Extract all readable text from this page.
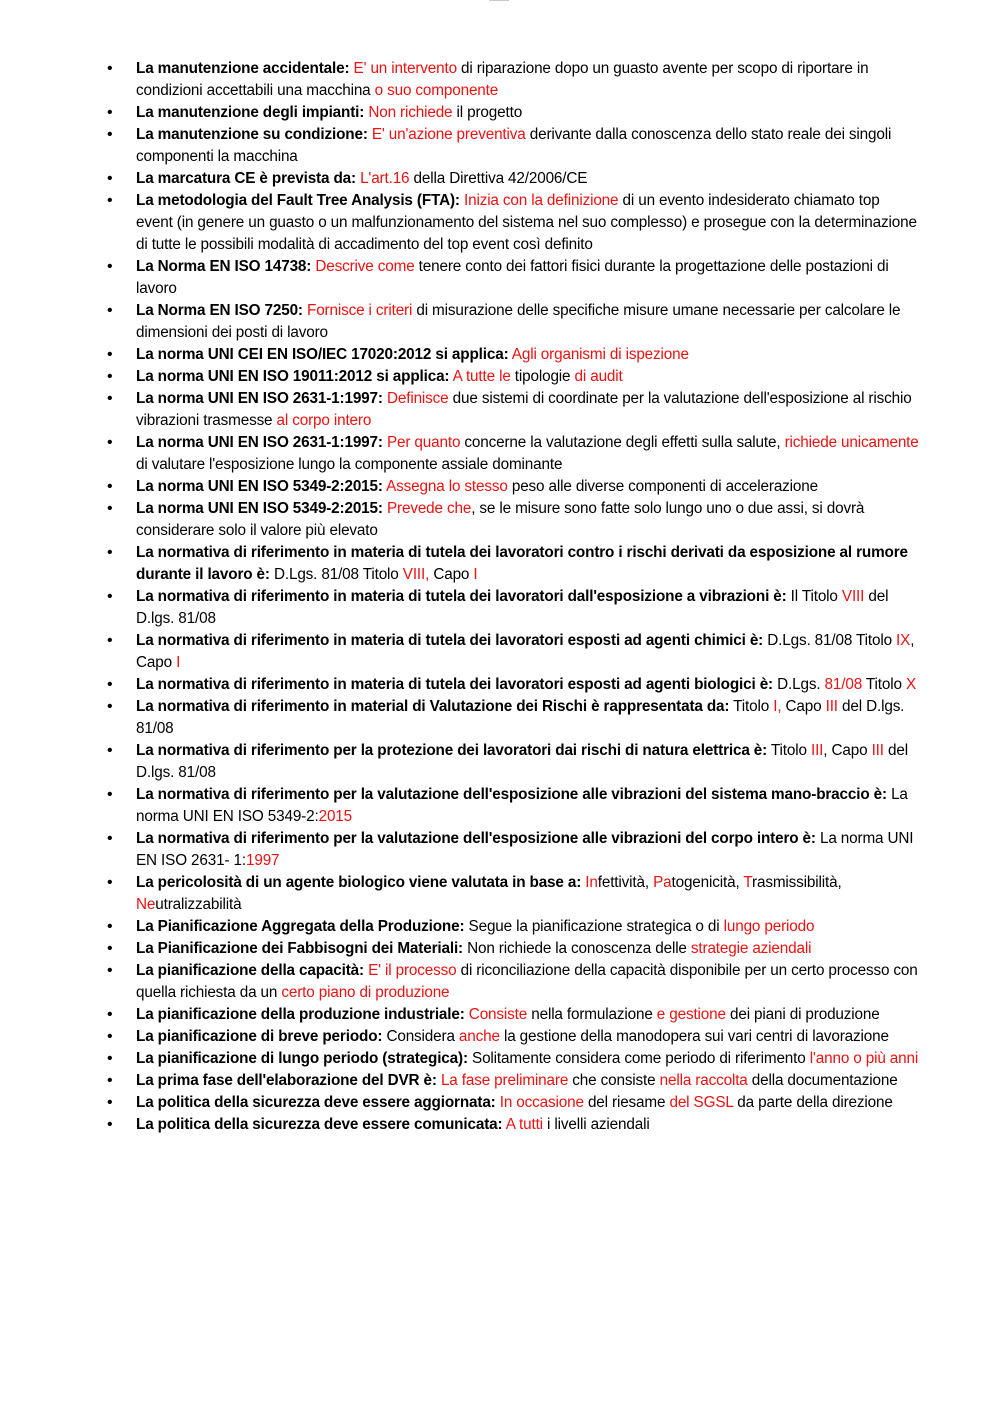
•	La manutenzione accidentale: E' un intervento di riparazione dopo un guasto avente per scopo di riportare in condizioni accettabili una macchina o suo componente
•	La manutenzione degli impianti: Non richiede il progetto
•	La manutenzione su condizione: E' un'azione preventiva derivante dalla conoscenza dello stato reale dei singoli componenti la macchina
•	La marcatura CE è prevista da: L'art.16 della Direttiva 42/2006/CE
•	La metodologia del Fault Tree Analysis (FTA): Inizia con la definizione di un evento indesiderato chiamato top event (in genere un guasto o un malfunzionamento del sistema nel suo complesso) e prosegue con la determinazione di tutte le possibili modalità di accadimento del top event così definito
•	La Norma EN ISO 14738: Descrive come tenere conto dei fattori fisici durante la progettazione delle postazioni di lavoro
•	La Norma EN ISO 7250: Fornisce i criteri di misurazione delle specifiche misure umane necessarie per calcolare le dimensioni dei posti di lavoro
•	La norma UNI CEI EN ISO/IEC 17020:2012 si applica: Agli organismi di ispezione
•	La norma UNI EN ISO 19011:2012 si applica: A tutte le tipologie di audit
•	La norma UNI EN ISO 2631-1:1997: Definisce due sistemi di coordinate per la valutazione dell'esposizione al rischio vibrazioni trasmesse al corpo intero
•	La norma UNI EN ISO 2631-1:1997: Per quanto concerne la valutazione degli effetti sulla salute, richiede unicamente di valutare l'esposizione lungo la componente assiale dominante
•	La norma UNI EN ISO 5349-2:2015: Assegna lo stesso peso alle diverse componenti di accelerazione
•	La norma UNI EN ISO 5349-2:2015: Prevede che, se le misure sono fatte solo lungo uno o due assi, si dovrà considerare solo il valore più elevato
•	La normativa di riferimento in materia di tutela dei lavoratori contro i rischi derivati da esposizione al rumore durante il lavoro è: D.Lgs. 81/08 Titolo VIII, Capo I
•	La normativa di riferimento in materia di tutela dei lavoratori dall'esposizione a vibrazioni è: Il Titolo VIII del D.lgs. 81/08
•	La normativa di riferimento in materia di tutela dei lavoratori esposti ad agenti chimici è: D.Lgs. 81/08 Titolo IX, Capo I
•	La normativa di riferimento in materia di tutela dei lavoratori esposti ad agenti biologici è: D.Lgs. 81/08 Titolo X
•	La normativa di riferimento in material di Valutazione dei Rischi è rappresentata da: Titolo I, Capo III del D.lgs. 81/08
•	La normativa di riferimento per la protezione dei lavoratori dai rischi di natura elettrica è: Titolo III, Capo III del D.lgs. 81/08
•	La normativa di riferimento per la valutazione dell'esposizione alle vibrazioni del sistema mano-braccio è: La norma UNI EN ISO 5349-2:2015
•	La normativa di riferimento per la valutazione dell'esposizione alle vibrazioni del corpo intero è: La norma UNI EN ISO 2631- 1:1997
•	La pericolosità di un agente biologico viene valutata in base a: Infettività, Patogenicità, Trasmissibilità, Neutralizzabilità
•	La Pianificazione Aggregata della Produzione: Segue la pianificazione strategica o di lungo periodo
•	La Pianificazione dei Fabbisogni dei Materiali: Non richiede la conoscenza delle strategie aziendali
•	La pianificazione della capacità: E' il processo di riconciliazione della capacità disponibile per un certo processo con quella richiesta da un certo piano di produzione
•	La pianificazione della produzione industriale: Consiste nella formulazione e gestione dei piani di produzione
•	La pianificazione di breve periodo: Considera anche la gestione della manodopera sui vari centri di lavorazione
•	La pianificazione di lungo periodo (strategica): Solitamente considera come periodo di riferimento l'anno o più anni
•	La prima fase dell'elaborazione del DVR è: La fase preliminare che consiste nella raccolta della documentazione
•	La politica della sicurezza deve essere aggiornata: In occasione del riesame del SGSL da parte della direzione
•	La politica della sicurezza deve essere comunicata: A tutti i livelli aziendali
